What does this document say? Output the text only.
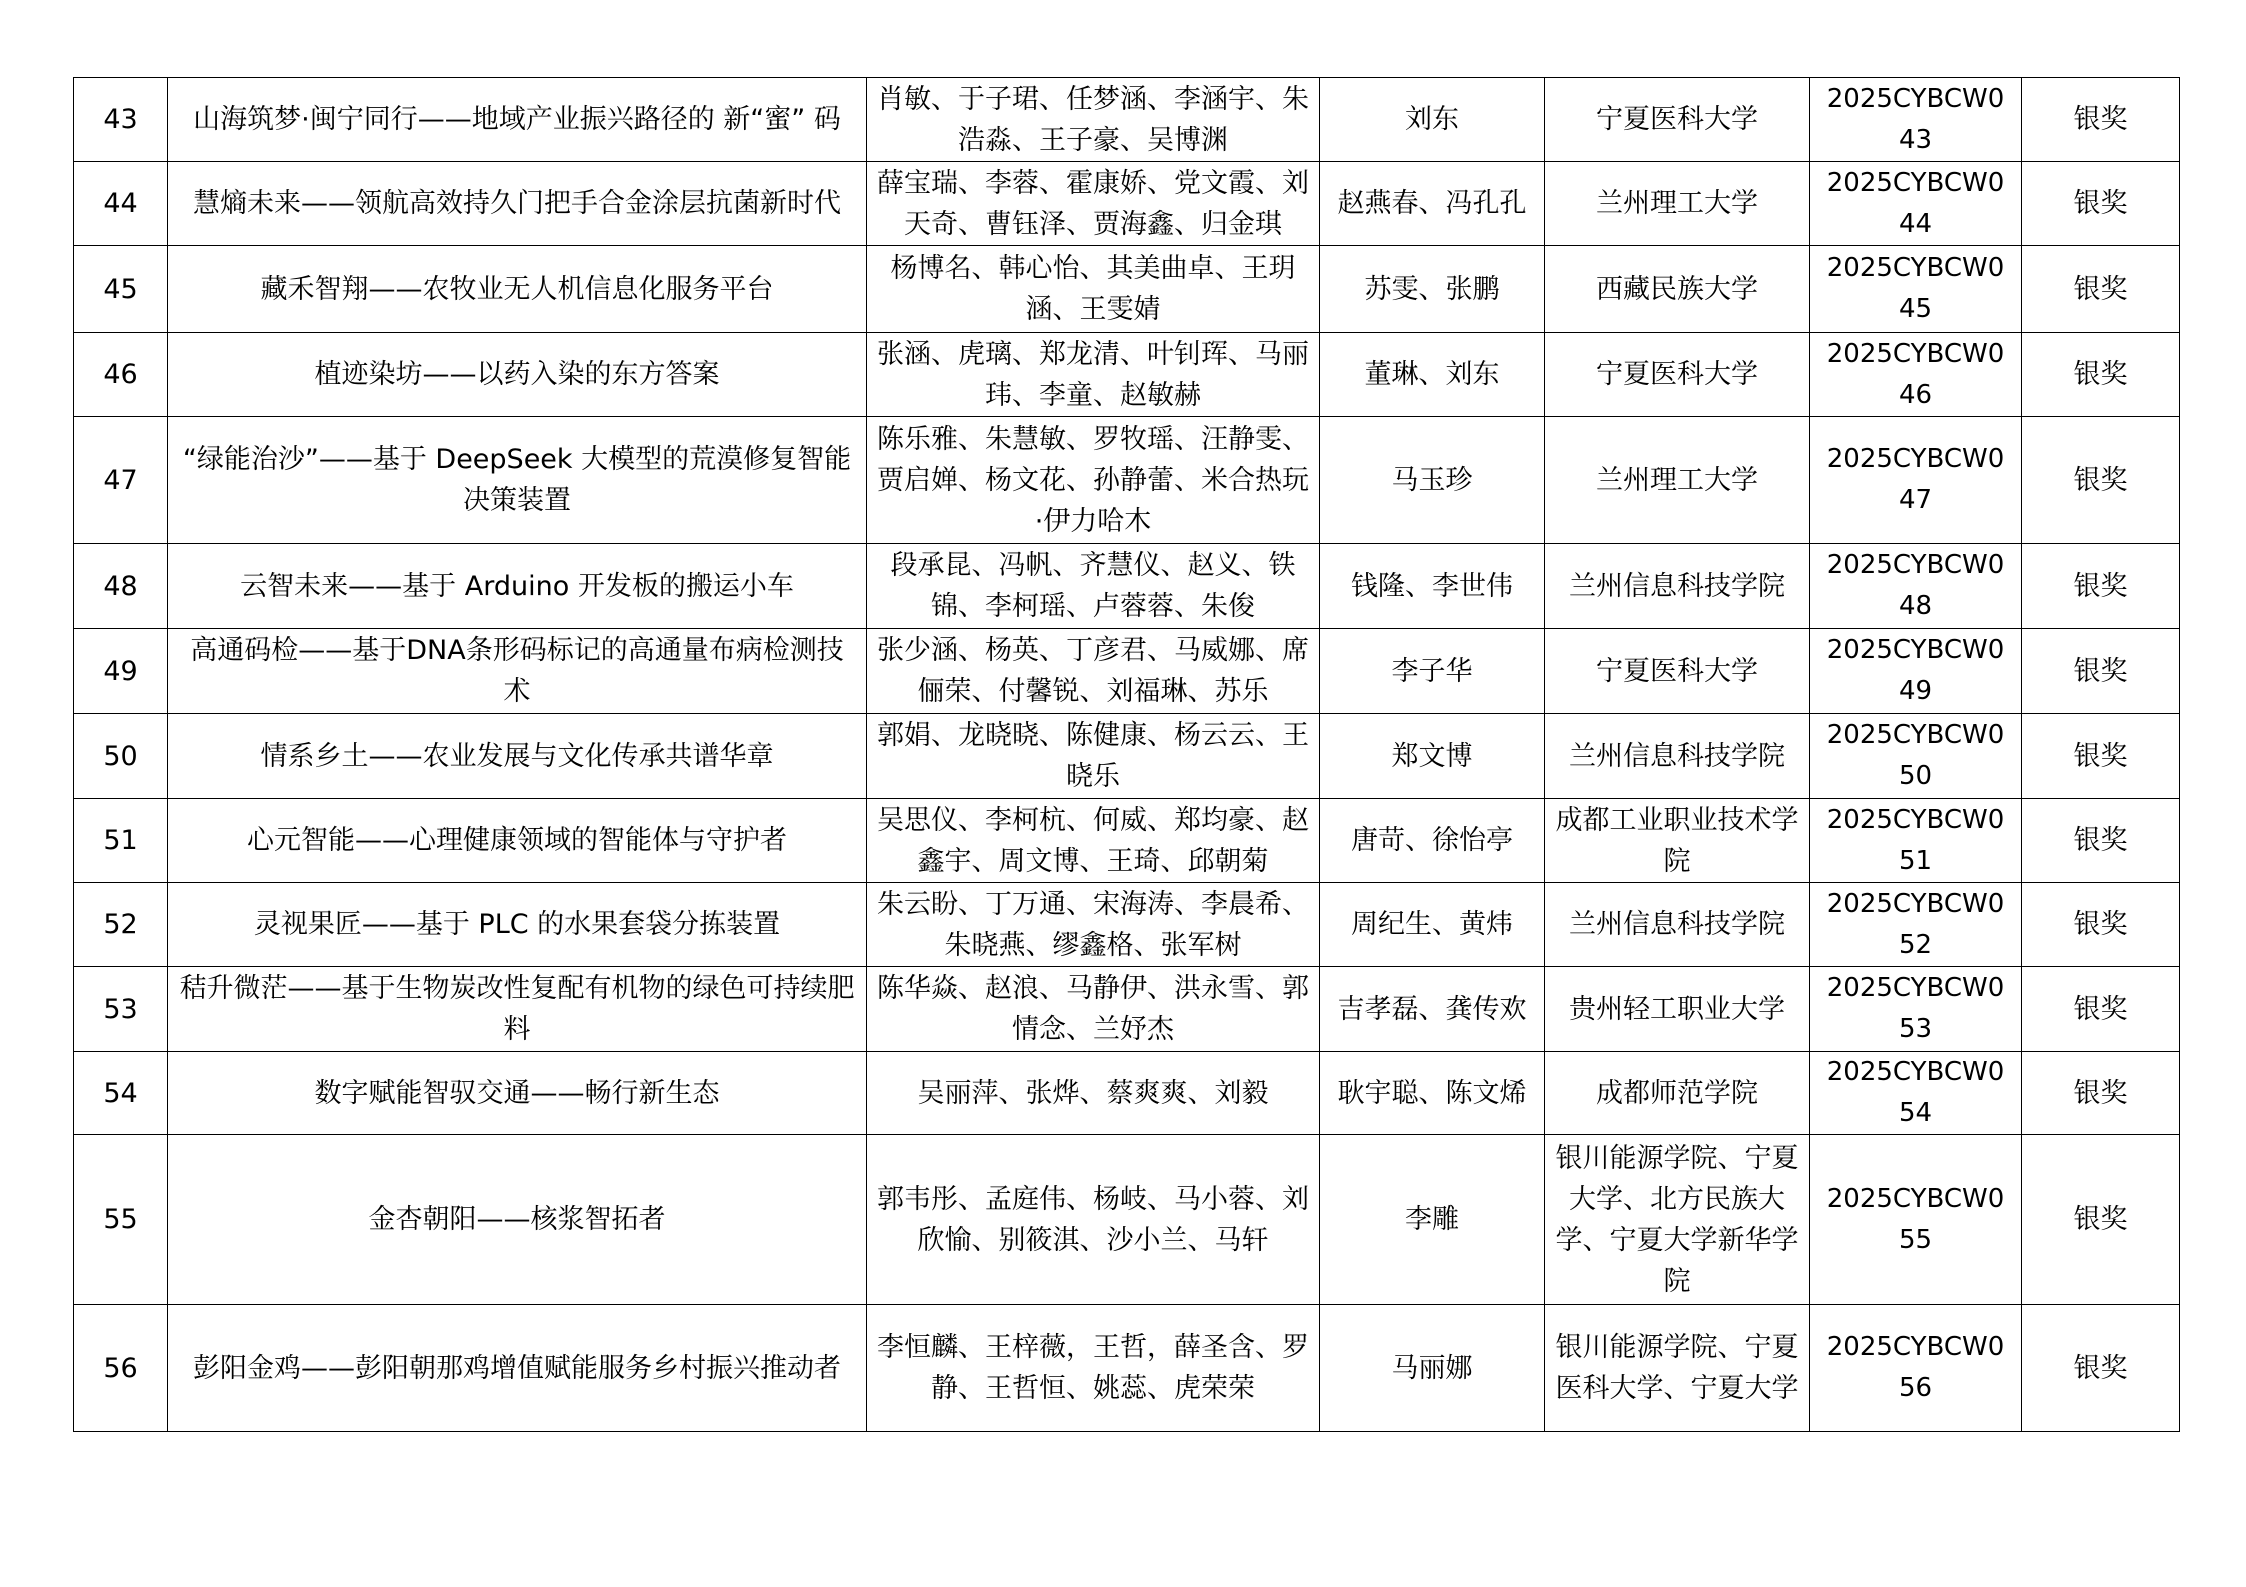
43	山海筑梦·闽宁同行——地域产业振兴路径的 新“蜜” 码	肖敏、于子珺、任梦涵、李涵宇、朱浩淼、王子豪、吴博渊	刘东	宁夏医科大学	2025CYBCW043	银奖
44	慧熵未来——领航高效持久门把手合金涂层抗菌新时代	薛宝瑞、李蓉、霍康娇、党文霞、刘天奇、曹钰泽、贾海鑫、归金琪	赵燕春、冯孔孔	兰州理工大学	2025CYBCW044	银奖
45	藏禾智翔——农牧业无人机信息化服务平台	杨博名、韩心怡、其美曲卓、王玥涵、王雯婧	苏雯、张鹏	西藏民族大学	2025CYBCW045	银奖
46	植迹染坊——以药入染的东方答案	张涵、虎璃、郑龙清、叶钊珲、马丽玮、李童、赵敏赫	董琳、刘东	宁夏医科大学	2025CYBCW046	银奖
47	“绿能治沙”——基于 DeepSeek 大模型的荒漠修复智能决策装置	陈乐雅、朱慧敏、罗牧瑶、汪静雯、贾启婵、杨文花、孙静蕾、米合热玩·伊力哈木	马玉珍	兰州理工大学	2025CYBCW047	银奖
48	云智未来——基于 Arduino 开发板的搬运小车	段承昆、冯帆、齐慧仪、赵义、铁锦、李柯瑶、卢蓉蓉、朱俊	钱隆、李世伟	兰州信息科技学院	2025CYBCW048	银奖
49	高通码检——基于DNA条形码标记的高通量布病检测技术	张少涵、杨英、丁彦君、马威娜、席俪荣、付馨锐、刘福琳、苏乐	李子华	宁夏医科大学	2025CYBCW049	银奖
50	情系乡土——农业发展与文化传承共谱华章	郭娟、龙晓晓、陈健康、杨云云、王晓乐	郑文博	兰州信息科技学院	2025CYBCW050	银奖
51	心元智能——心理健康领域的智能体与守护者	吴思仪、李柯杭、何威、郑均豪、赵鑫宇、周文博、王琦、邱朝菊	唐苛、徐怡亭	成都工业职业技术学院	2025CYBCW051	银奖
52	灵视果匠——基于 PLC 的水果套袋分拣装置	朱云盼、丁万通、宋海涛、李晨希、朱晓燕、缪鑫格、张军树	周纪生、黄炜	兰州信息科技学院	2025CYBCW052	银奖
53	秸升微茫——基于生物炭改性复配有机物的绿色可持续肥料	陈华焱、赵浪、马静伊、洪永雪、郭情念、兰妤杰	吉孝磊、龚传欢	贵州轻工职业大学	2025CYBCW053	银奖
54	数字赋能智驭交通——畅行新生态	吴丽萍、张烨、蔡爽爽、刘毅	耿宇聪、陈文烯	成都师范学院	2025CYBCW054	银奖
55	金杏朝阳——核浆智拓者	郭韦彤、孟庭伟、杨岐、马小蓉、刘欣愉、别筱淇、沙小兰、马轩	李雕	银川能源学院、宁夏大学、北方民族大学、宁夏大学新华学院	2025CYBCW055	银奖
56	彭阳金鸡——彭阳朝那鸡增值赋能服务乡村振兴推动者	李恒麟、王梓薇，王哲，薛圣含、罗静、王哲恒、姚蕊、虎荣荣	马丽娜	银川能源学院、宁夏医科大学、宁夏大学	2025CYBCW056	银奖
